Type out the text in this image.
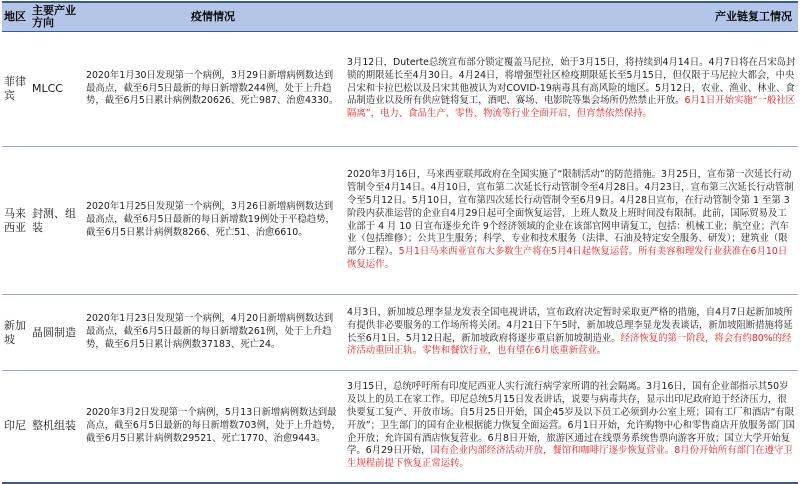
地区	主要产业方向	疫情情况	产业链复工情况
菲律宾	MLCC	2020年1月30日发现第一个病例，3月29日新增病例数达到最高点，截至6月5日最新的每日新增数244例，处于上升趋势，截至6月5日累计病例数20626、死亡987、治愈4330。	3月12日，Duterte总统宣布部分锁定覆盖马尼拉，始于3月15日，将持续到4月14日。4月7日将在吕宋岛封锁的期限延长至4月30日。4月24日，将增强型社区检疫期限延长至5月15日，但仅限于马尼拉大都会，中央吕宋和卡拉巴松以及吕宋其他被认为对COVID-19病毒具有高风险的地区。5月12日，农业、渔业、林业、食品制造业以及所有供应链将复工，酒吧、赛场、电影院等集会场所仍然禁止开放。6月1日开始实施“一般社区隔离”，电力、食品生产、零售、物流等行业全面开启，但宵禁依然保持。
马来西亚	封测、组装	2020年1月25日发现第一个病例，3月26日新增病例数达到最高点，截至6月5日最新的每日新增数19例处于平稳趋势，截至6月5日累计病例数8266、死亡51、治愈6610。	2020年3月16日，马来西亚联邦政府在全国实施了“限制活动”的防范措施。3月25日，宣布第一次延长行动管制令至4月14日。4月10日，宣布第二次延长行动管制令至4月28日。4月23日，宣布第三次延长行动管制令至5月12日。5月10日，宣布第四次延长行动管制令至6月9日。4月28日宣布，在行动管制令第 1 至第 3 阶段内获准运营的企业自4月29日起可全面恢复运营，上班人数及上班时间没有限制。此前，国际贸易及工业部于 4 月 10 日宣布逐步允许 9个经济领域的企业在该部官网申请复工，包括：机械工业；航空业；汽车业（包括维修）；公共卫生服务；科学、专业和技术服务（法律、石油及特定安全服务、研发）；建筑业（限部分工程）。5月1日马来西亚宣布大多数生产将在5月4日起恢复运营。所有美容和理发行业获准在6月10日恢复运作。
新加坡	晶圆制造	2020年1月23日发现第一个病例，4月20日新增病例数达到最高点，截至6月5日最新的每日新增数261例，处于上升趋势，截至6月5日累计病例数37183、死亡24。	4月3日，新加坡总理李显龙发表全国电视讲话，宣布政府决定暂时采取更严格的措施，自4月7日起新加坡所有提供非必要服务的工作场所将关闭。4月21日下午5时，新加坡总理李显龙发表谈话，新加坡阻断措施将延长至6月1日。5月12日起，新加坡政府将逐步重启新加坡制造业。经济恢复的第一阶段，将会有约80%的经济活动重回正轨。零售和餐饮行业，也有望在6月底重新营业。
印尼	整机组装	2020年3月2日发现第一个病例，5月13日新增病例数达到最高点，截至6月5日最新的每日新增数703例，处于上升趋势，截至6月5日累计病例数29521、死亡1770、治愈9443。	3月15日，总统呼吁所有印度尼西亚人实行流行病学家所谓的社会隔离。3月16日，国有企业部指示其50岁及以上的员工在家工作。印尼总统5月15日发表讲话，说要与病毒共存，显示出印尼政府迫于经济压力，很快要复工复产、开放市场。自5月25日开始，国企45岁及以下员工必须到办公室上班；国有工厂和酒店“有限开放”；卫生部门的国有企业根据能力恢复全面运营。6月1日开始，允许购物中心和零售商店开放服务部门国企开放；允许国有酒店恢复营业。6月8日开始，旅游区通过在线票务系统售票向游客开放；国立大学开始复学。6月29日开始，国有企业内部经济活动开放，餐馆和咖啡厅逐步恢复营业。8月份开始所有部门在遵守卫生规程前提下恢复正常运转。
